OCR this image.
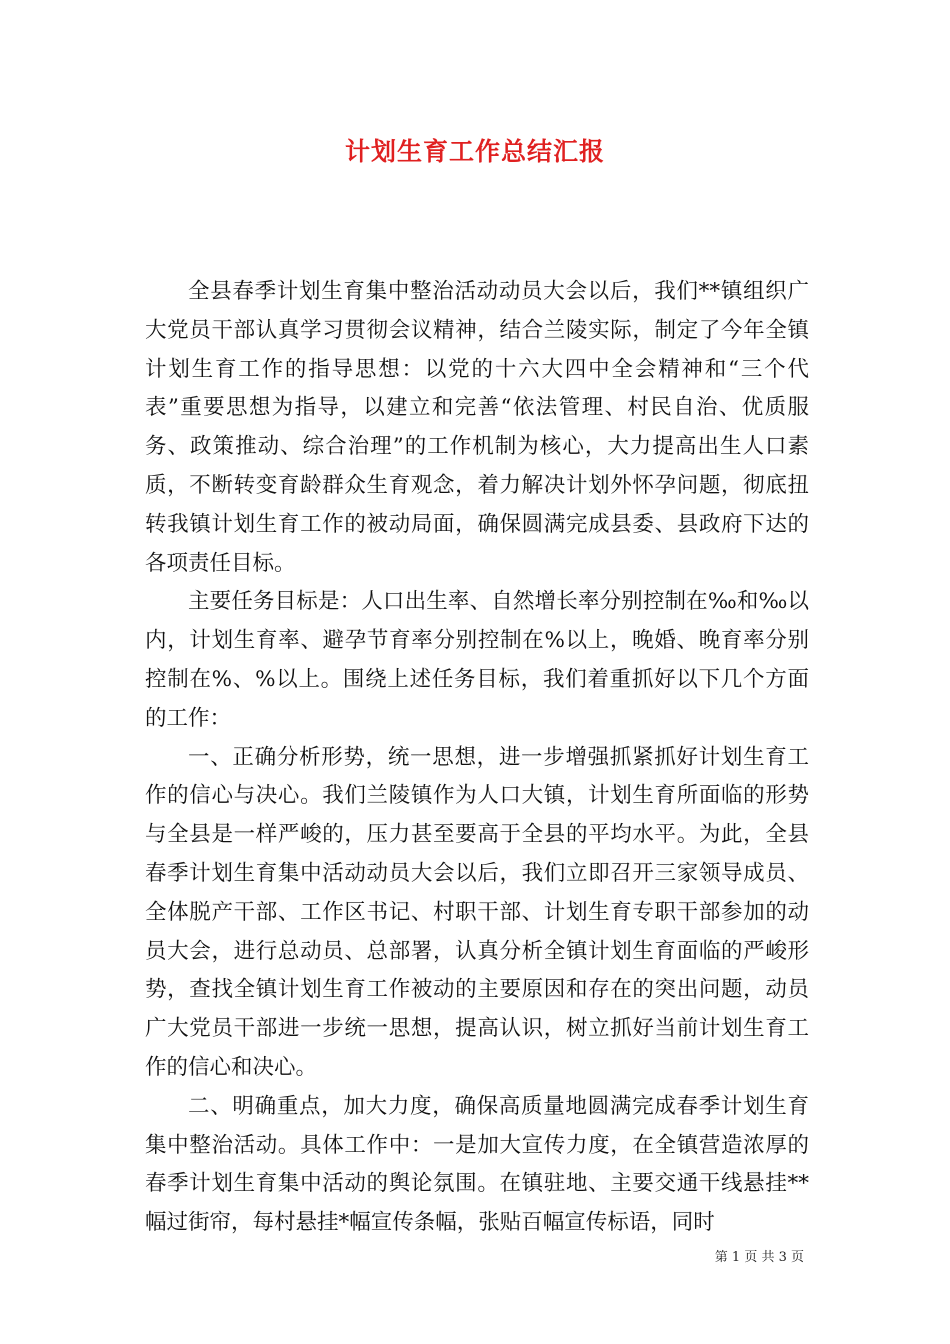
计划生育工作总结汇报

全县春季计划生育集中整治活动动员大会以后，我们**镇组织广大党员干部认真学习贯彻会议精神，结合兰陵实际，制定了今年全镇计划生育工作的指导思想：以党的十六大四中全会精神和“三个代表”重要思想为指导，以建立和完善“依法管理、村民自治、优质服务、政策推动、综合治理”的工作机制为核心，大力提高出生人口素质，不断转变育龄群众生育观念，着力解决计划外怀孕问题，彻底扭转我镇计划生育工作的被动局面，确保圆满完成县委、县政府下达的各项责任目标。

主要任务目标是：人口出生率、自然增长率分别控制在‰和‰以内，计划生育率、避孕节育率分别控制在%以上，晚婚、晚育率分别控制在%、%以上。围绕上述任务目标，我们着重抓好以下几个方面的工作：

一、正确分析形势，统一思想，进一步增强抓紧抓好计划生育工作的信心与决心。我们兰陵镇作为人口大镇，计划生育所面临的形势与全县是一样严峻的，压力甚至要高于全县的平均水平。为此，全县春季计划生育集中活动动员大会以后，我们立即召开三家领导成员、全体脱产干部、工作区书记、村职干部、计划生育专职干部参加的动员大会，进行总动员、总部署，认真分析全镇计划生育面临的严峻形势，查找全镇计划生育工作被动的主要原因和存在的突出问题，动员广大党员干部进一步统一思想，提高认识，树立抓好当前计划生育工作的信心和决心。

二、明确重点，加大力度，确保高质量地圆满完成春季计划生育集中整治活动。具体工作中：一是加大宣传力度，在全镇营造浓厚的春季计划生育集中活动的舆论氛围。在镇驻地、主要交通干线悬挂**幅过街帘，每村悬挂*幅宣传条幅，张贴百幅宣传标语，同时

第 1 页 共 3 页
